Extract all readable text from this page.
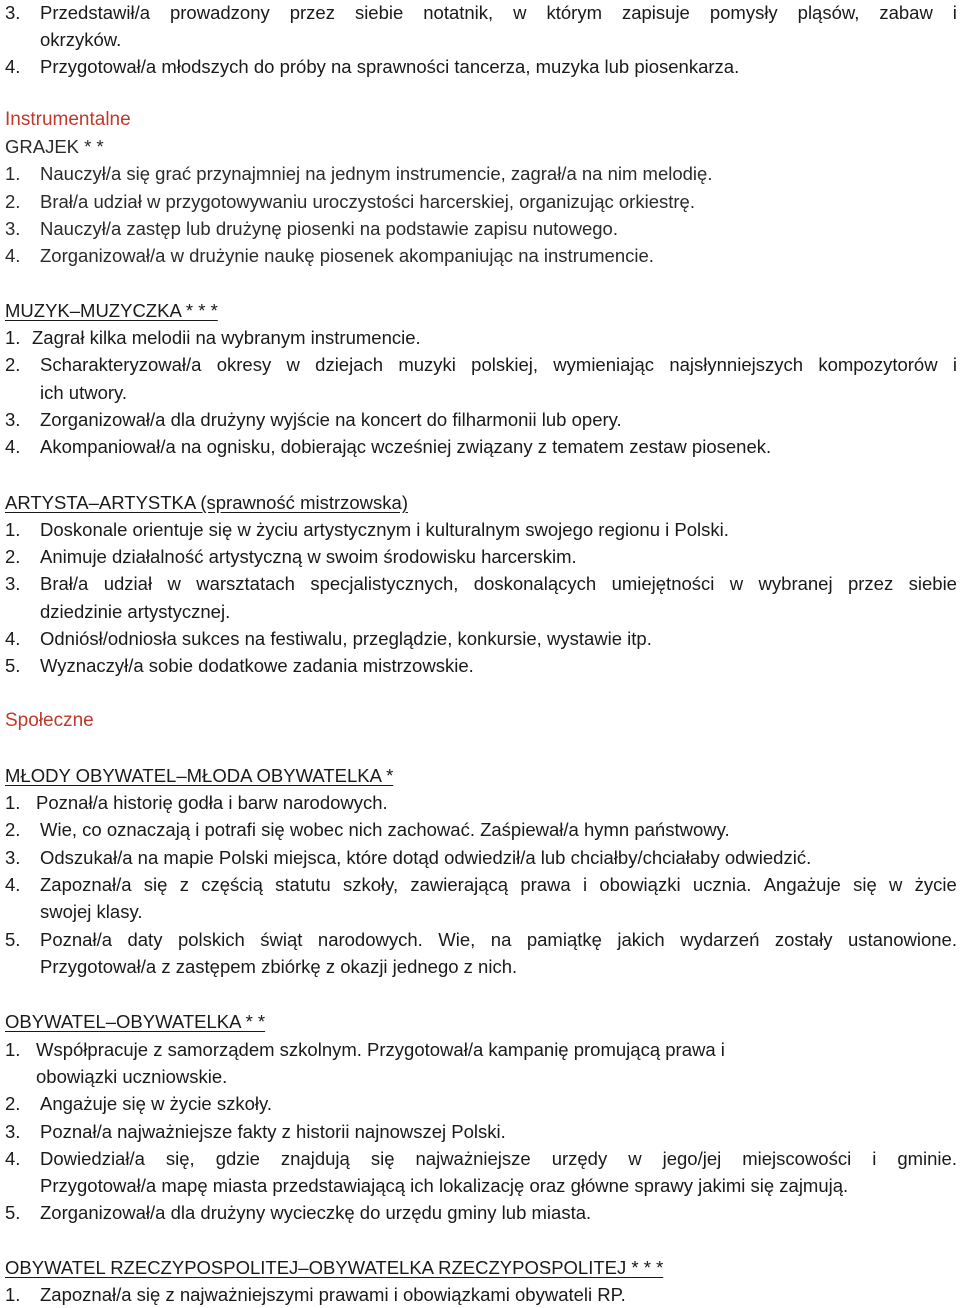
3. Przedstawił/a prowadzony przez siebie notatnik, w którym zapisuje pomysły pląsów, zabaw i
okrzyków.
4. Przygotował/a młodszych do próby na sprawności tancerza, muzyka lub piosenkarza.
Instrumentalne
GRAJEK * *
1. Nauczył/a się grać przynajmniej na jednym instrumencie, zagrał/a na nim melodię.
2. Brał/a udział w przygotowywaniu uroczystości harcerskiej, organizując orkiestrę.
3. Nauczył/a zastęp lub drużynę piosenki na podstawie zapisu nutowego.
4. Zorganizował/a w drużynie naukę piosenek akompaniując na instrumencie.
MUZYK–MUZYCZKA * * *
1. Zagrał kilka melodii na wybranym instrumencie.
2. Scharakteryzował/a okresy w dziejach muzyki polskiej, wymieniając najsłynniejszych kompozytorów i
ich utwory.
3. Zorganizował/a dla drużyny wyjście na koncert do filharmonii lub opery.
4. Akompaniował/a na ognisku, dobierając wcześniej związany z tematem zestaw piosenek.
ARTYSTA–ARTYSTKA (sprawność mistrzowska)
1. Doskonale orientuje się w życiu artystycznym i kulturalnym swojego regionu i Polski.
2. Animuje działalność artystyczną w swoim środowisku harcerskim.
3. Brał/a udział w warsztatach specjalistycznych, doskonalących umiejętności w wybranej przez siebie
dziedzinie artystycznej.
4. Odniósł/odniosła sukces na festiwalu, przeglądzie, konkursie, wystawie itp.
5. Wyznaczył/a sobie dodatkowe zadania mistrzowskie.
Społeczne
MŁODY OBYWATEL–MŁODA OBYWATELKA *
1. Poznał/a historię godła i barw narodowych.
2. Wie, co oznaczają i potrafi się wobec nich zachować. Zaśpiewał/a hymn państwowy.
3. Odszukał/a na mapie Polski miejsca, które dotąd odwiedził/a lub chciałby/chciałaby odwiedzić.
4. Zapoznał/a się z częścią statutu szkoły, zawierającą prawa i obowiązki ucznia. Angażuje się w życie
swojej klasy.
5. Poznał/a daty polskich świąt narodowych. Wie, na pamiątkę jakich wydarzeń zostały ustanowione.
Przygotował/a z zastępem zbiórkę z okazji jednego z nich.
OBYWATEL–OBYWATELKA * *
1. Współpracuje z samorządem szkolnym. Przygotował/a kampanię promującą prawa i
obowiązki uczniowskie.
2. Angażuje się w życie szkoły.
3. Poznał/a najważniejsze fakty z historii najnowszej Polski.
4. Dowiedział/a się, gdzie znajdują się najważniejsze urzędy w jego/jej miejscowości i gminie.
Przygotował/a mapę miasta przedstawiającą ich lokalizację oraz główne sprawy jakimi się zajmują.
5. Zorganizował/a dla drużyny wycieczkę do urzędu gminy lub miasta.
OBYWATEL RZECZYPOSPOLITEJ–OBYWATELKA RZECZYPOSPOLITEJ * * *
1. Zapoznał/a się z najważniejszymi prawami i obowiązkami obywateli RP.
